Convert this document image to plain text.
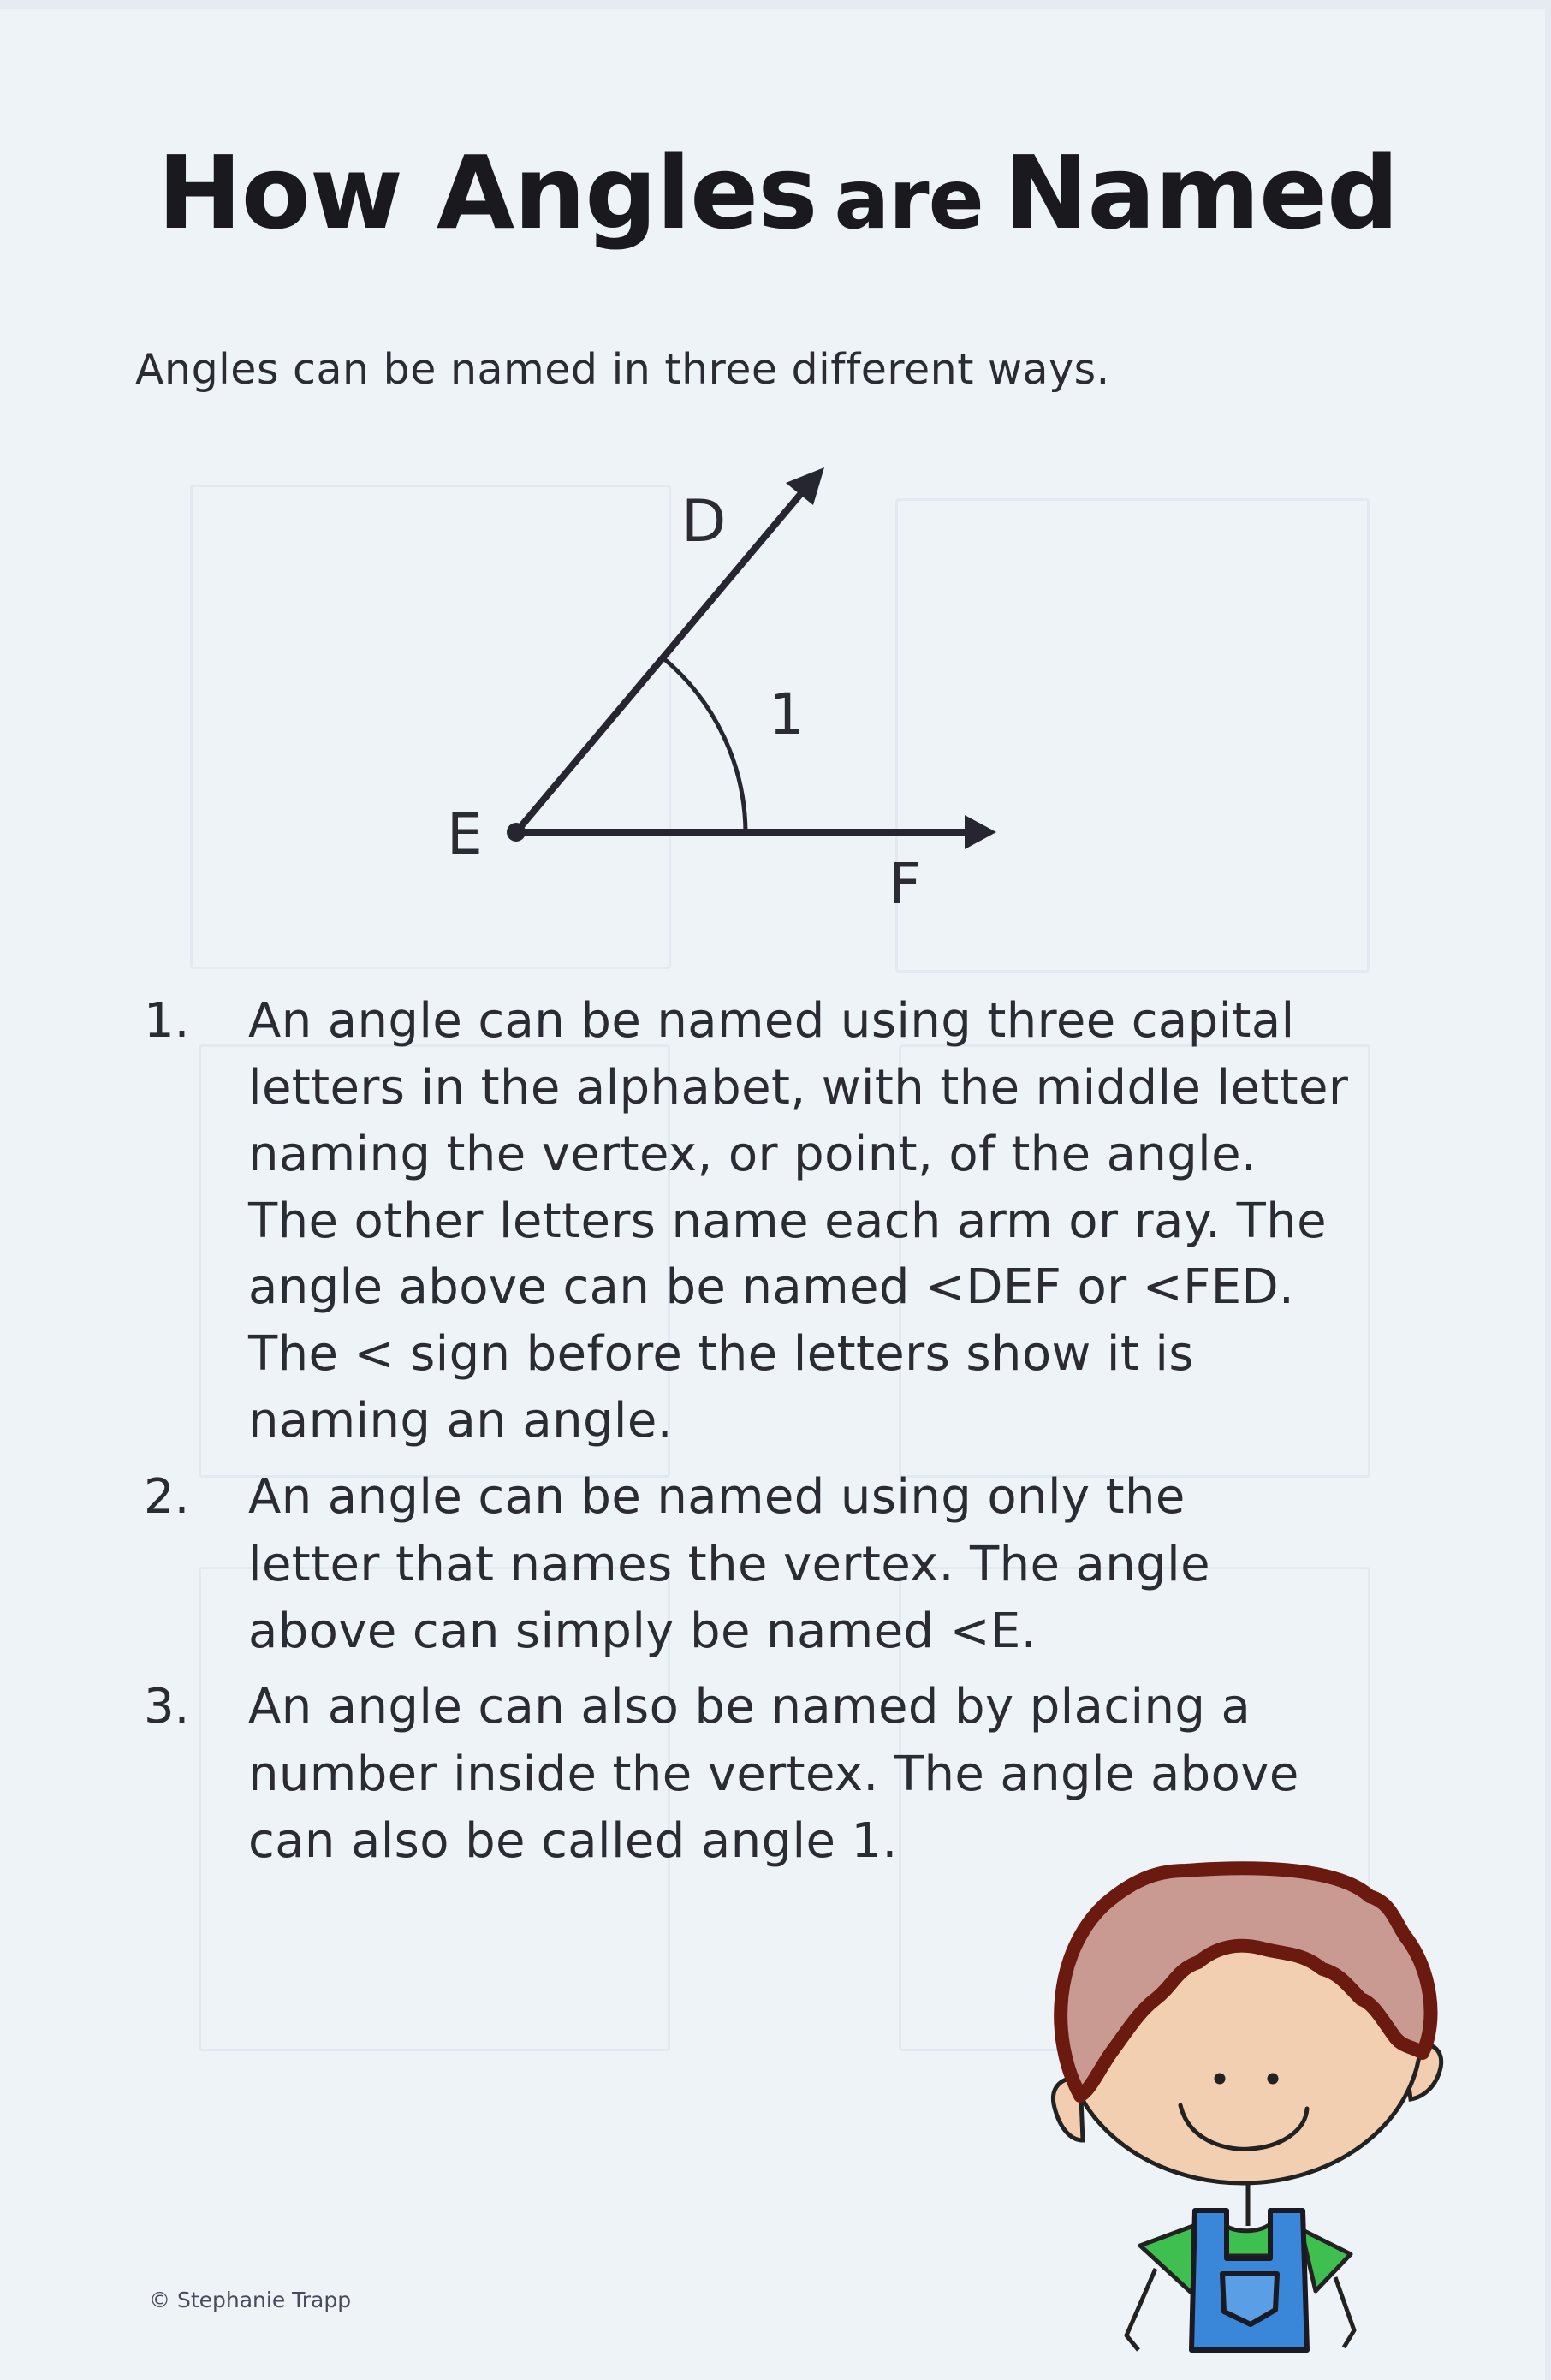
How Angles are Named

Angles can be named in three different ways.

D
E
F
1
1. An angle can be named using three capital
letters in the alphabet, with the middle letter
naming the vertex, or point, of the angle.
The other letters name each arm or ray. The
angle above can be named <DEF or <FED.
The < sign before the letters show it is
naming an angle.
2. An angle can be named using only the
letter that names the vertex. The angle
above can simply be named <E.
3. An angle can also be named by placing a
number inside the vertex. The angle above
can also be called angle 1.
© Stephanie Trapp
